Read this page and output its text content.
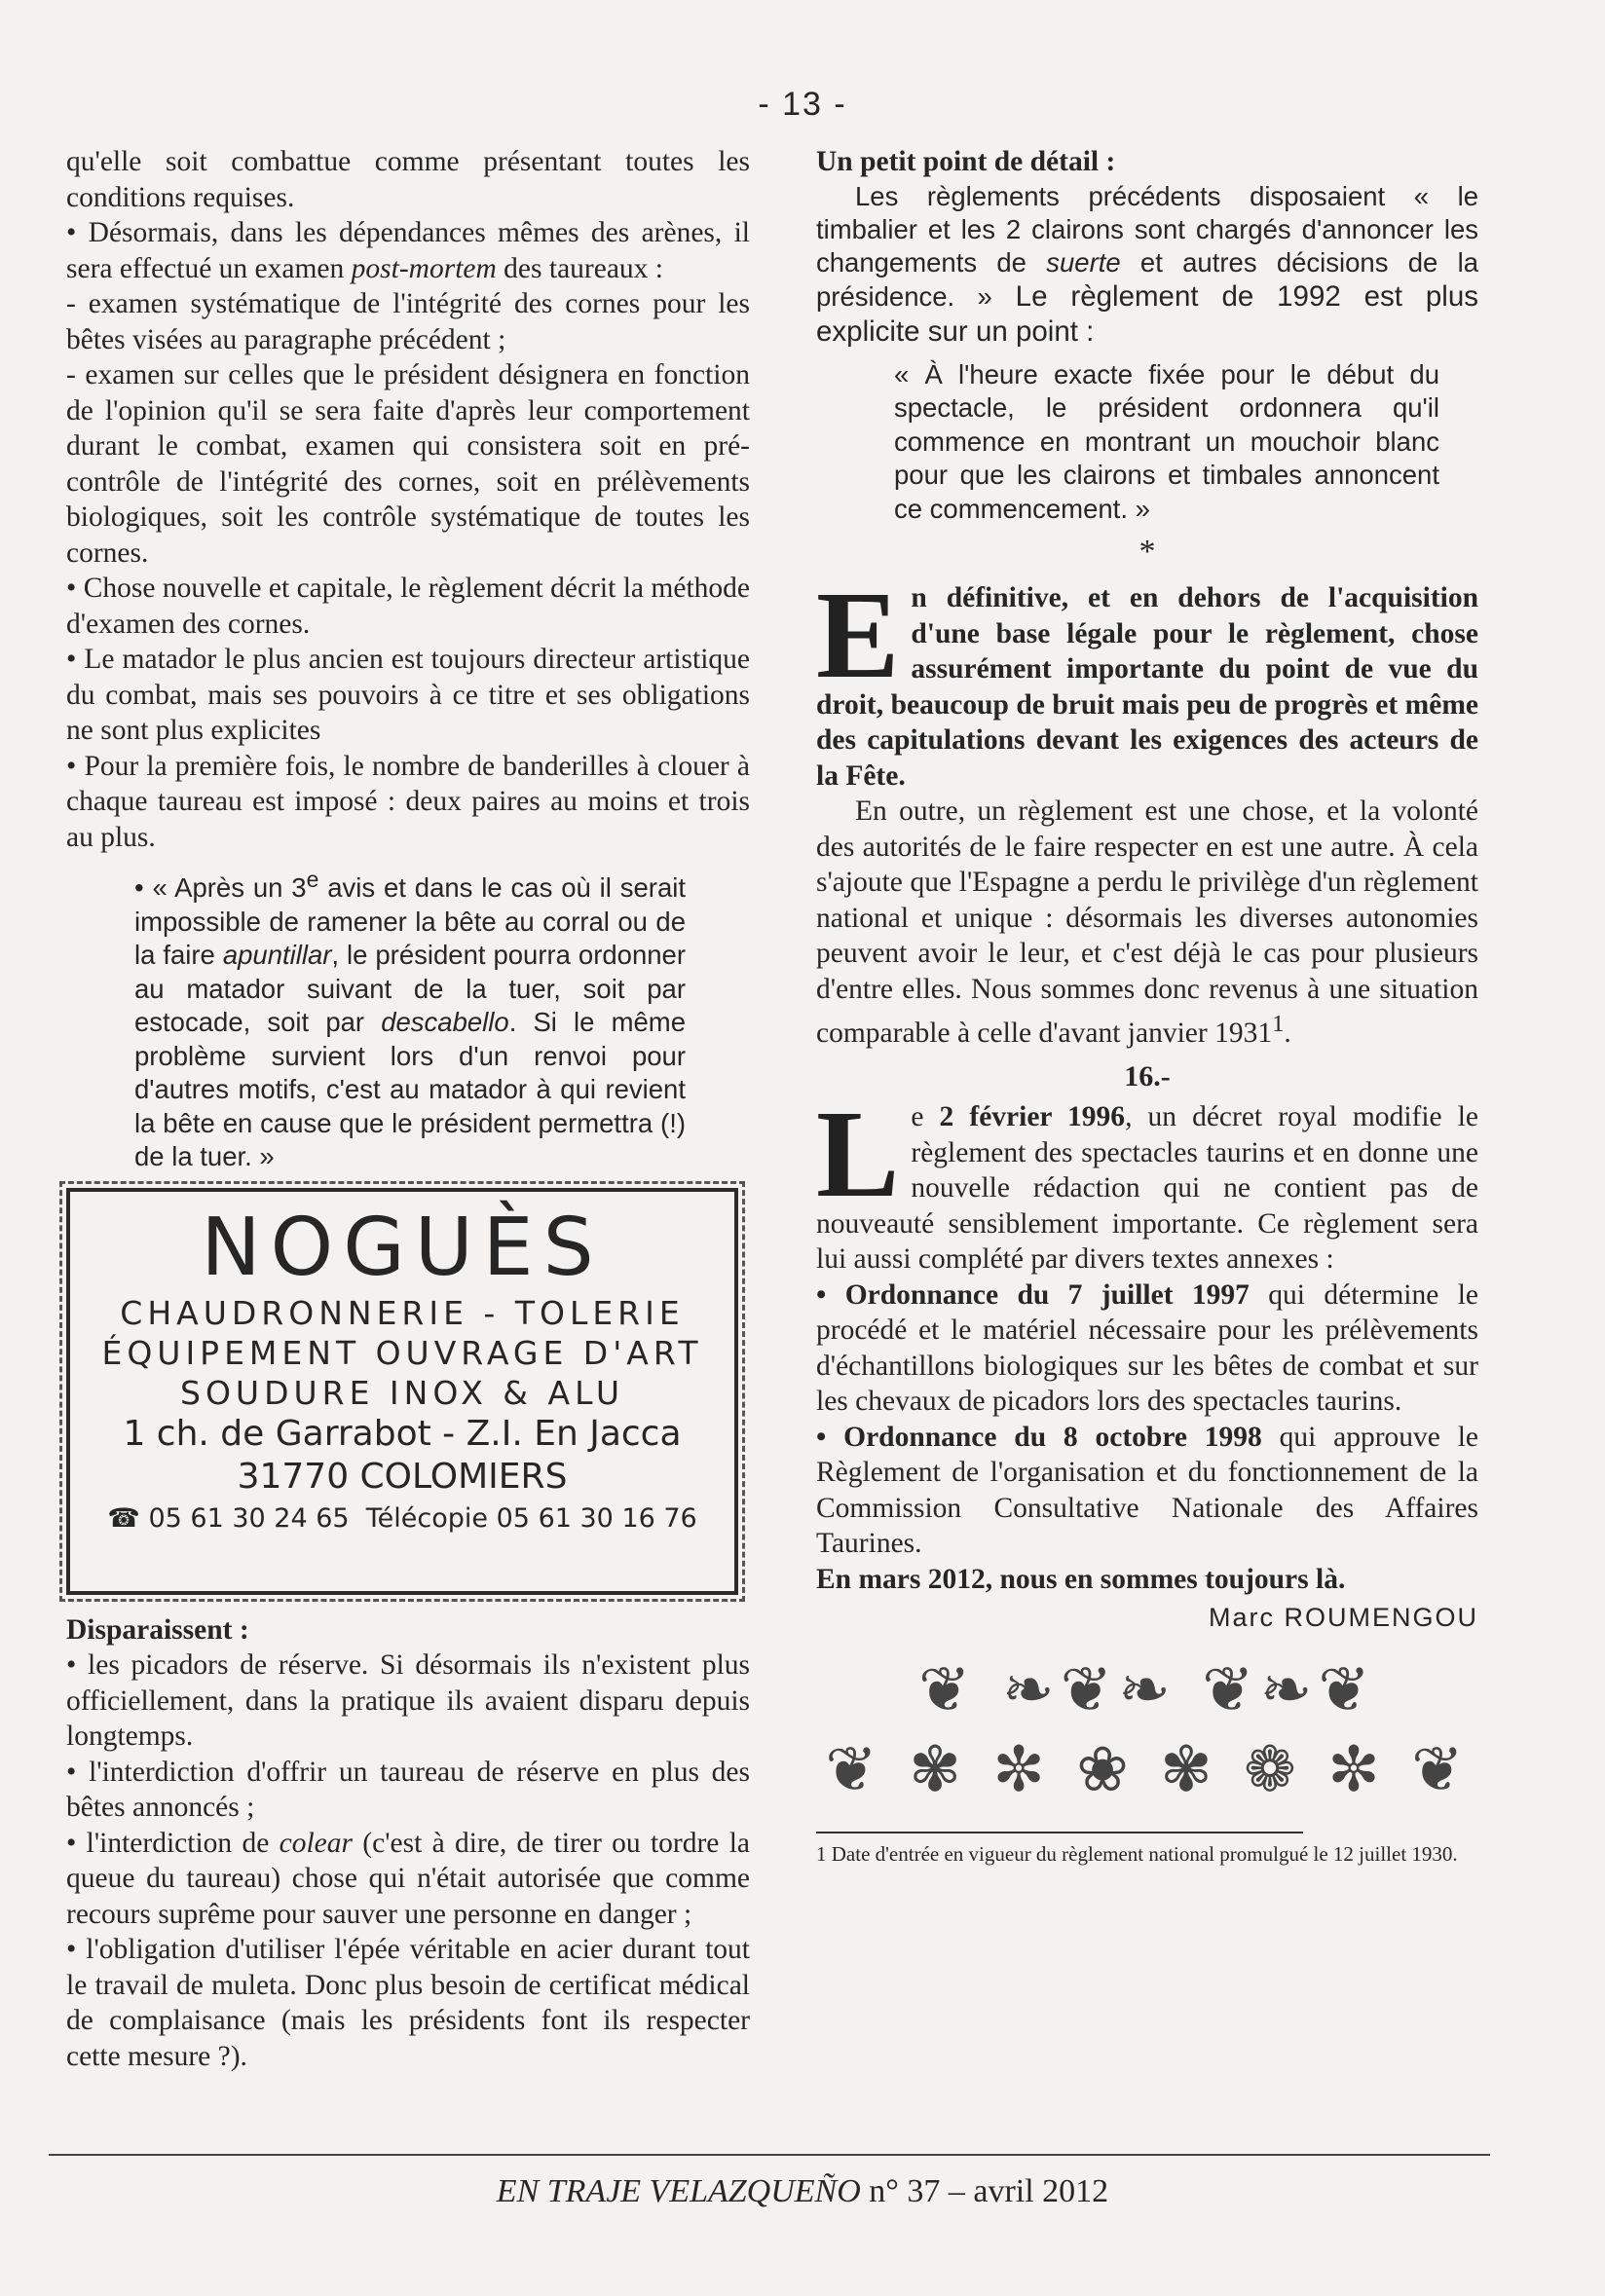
- 13 -

qu'elle soit combattue comme présentant toutes les conditions requises.

• Désormais, dans les dépendances mêmes des arènes, il sera effectué un examen post-mortem des taureaux :

- examen systématique de l'intégrité des cornes pour les bêtes visées au paragraphe précédent ;

- examen sur celles que le président désignera en fonction de l'opinion qu'il se sera faite d'après leur comportement durant le combat, examen qui consistera soit en pré-contrôle de l'intégrité des cornes, soit en prélèvements biologiques, soit les contrôle systématique de toutes les cornes.

• Chose nouvelle et capitale, le règlement décrit la méthode d'examen des cornes.

• Le matador le plus ancien est toujours directeur artistique du combat, mais ses pouvoirs à ce titre et ses obligations ne sont plus explicites

• Pour la première fois, le nombre de banderilles à clouer à chaque taureau est imposé : deux paires au moins et trois au plus.

• « Après un 3e avis et dans le cas où il serait impossible de ramener la bête au corral ou de la faire apuntillar, le président pourra ordonner au matador suivant de la tuer, soit par estocade, soit par descabello. Si le même problème survient lors d'un renvoi pour d'autres motifs, c'est au matador à qui revient la bête en cause que le président permettra (!) de la tuer. »

NOGUÈS
CHAUDRONNERIE - TOLERIE
ÉQUIPEMENT OUVRAGE D'ART
SOUDURE INOX & ALU
1 ch. de Garrabot - Z.I. En Jacca
31770 COLOMIERS
☎ 05 61 30 24 65 Télécopie 05 61 30 16 76

Disparaissent :

• les picadors de réserve. Si désormais ils n'existent plus officiellement, dans la pratique ils avaient disparu depuis longtemps.

• l'interdiction d'offrir un taureau de réserve en plus des bêtes annoncés ;

• l'interdiction de colear (c'est à dire, de tirer ou tordre la queue du taureau) chose qui n'était autorisée que comme recours suprême pour sauver une personne en danger ;

• l'obligation d'utiliser l'épée véritable en acier durant tout le travail de muleta. Donc plus besoin de certificat médical de complaisance (mais les présidents font ils respecter cette mesure ?).

Un petit point de détail :

Les règlements précédents disposaient « le timbalier et les 2 clairons sont chargés d'annoncer les changements de suerte et autres décisions de la présidence. » Le règlement de 1992 est plus explicite sur un point :

« À l'heure exacte fixée pour le début du spectacle, le président ordonnera qu'il commence en montrant un mouchoir blanc pour que les clairons et timbales annoncent ce commencement. »

*

En définitive, et en dehors de l'acquisition d'une base légale pour le règlement, chose assurément importante du point de vue du droit, beaucoup de bruit mais peu de progrès et même des capitulations devant les exigences des acteurs de la Fête.

En outre, un règlement est une chose, et la volonté des autorités de le faire respecter en est une autre. À cela s'ajoute que l'Espagne a perdu le privilège d'un règlement national et unique : désormais les diverses autonomies peuvent avoir le leur, et c'est déjà le cas pour plusieurs d'entre elles. Nous sommes donc revenus à une situation comparable à celle d'avant janvier 1931$^1$.

16.-

Le 2 février 1996, un décret royal modifie le règlement des spectacles taurins et en donne une nouvelle rédaction qui ne contient pas de nouveauté sensiblement importante. Ce règlement sera lui aussi complété par divers textes annexes :

• Ordonnance du 7 juillet 1997 qui détermine le procédé et le matériel nécessaire pour les prélèvements d'échantillons biologiques sur les bêtes de combat et sur les chevaux de picadors lors des spectacles taurins.

• Ordonnance du 8 octobre 1998 qui approuve le Règlement de l'organisation et du fonctionnement de la Commission Consultative Nationale des Affaires Taurines.

En mars 2012, nous en sommes toujours là.

Marc ROUMENGOU

❦ ❧❦❧ ❦❧❦
❦ ✾ ✼ ❀ ✾ ❁ ✼ ❦

1 Date d'entrée en vigueur du règlement national promulgué le 12 juillet 1930.

EN TRAJE VELAZQUEÑO n° 37 – avril 2012
